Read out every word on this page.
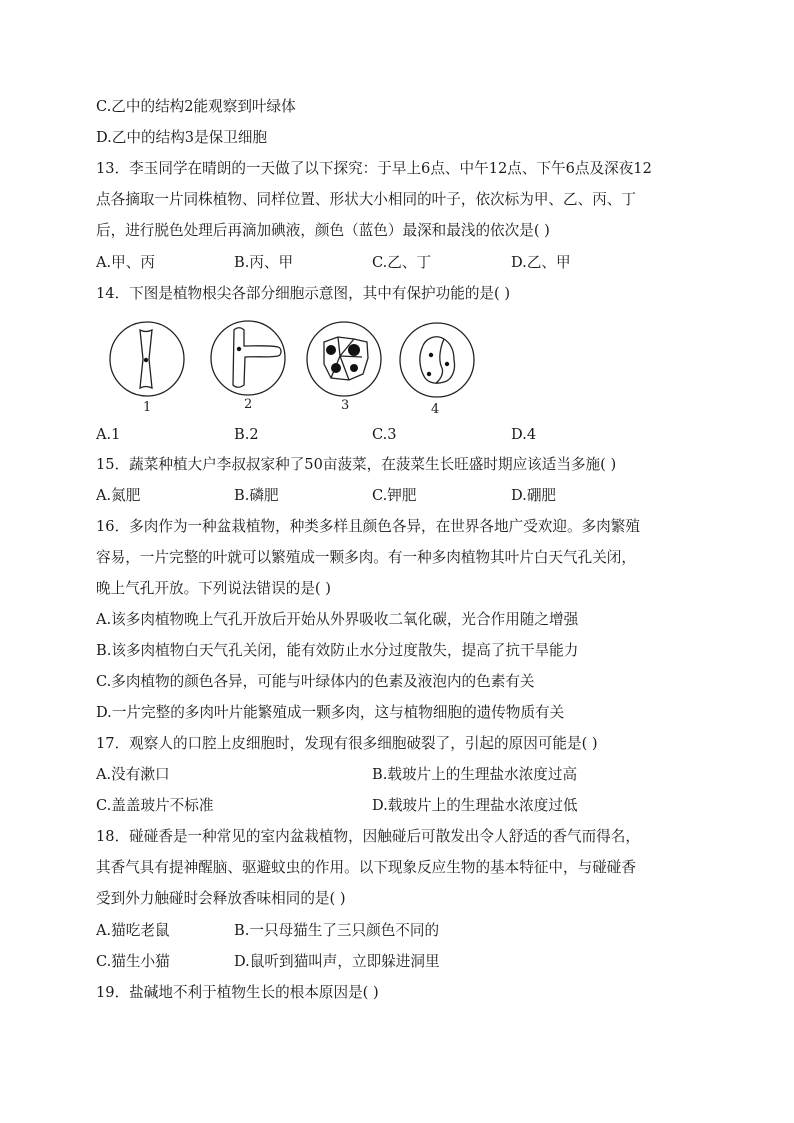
C.乙中的结构2能观察到叶绿体
D.乙中的结构3是保卫细胞
13．李玉同学在晴朗的一天做了以下探究：于早上6点、中午12点、下午6点及深夜12
点各摘取一片同株植物、同样位置、形状大小相同的叶子，依次标为甲、乙、丙、丁
后，进行脱色处理后再滴加碘液，颜色（蓝色）最深和最浅的依次是( )
A.甲、丙	B.丙、甲	C.乙、丁	D.乙、甲
14．下图是植物根尖各部分细胞示意图，其中有保护功能的是( )
1	2	3	4
A.1	B.2	C.3	D.4
15．蔬菜种植大户李叔叔家种了50亩菠菜，在菠菜生长旺盛时期应该适当多施( )
A.氮肥	B.磷肥	C.钾肥	D.硼肥
16．多肉作为一种盆栽植物，种类多样且颜色各异，在世界各地广受欢迎。多肉繁殖
容易，一片完整的叶就可以繁殖成一颗多肉。有一种多肉植物其叶片白天气孔关闭，
晚上气孔开放。下列说法错误的是( )
A.该多肉植物晚上气孔开放后开始从外界吸收二氧化碳，光合作用随之增强
B.该多肉植物白天气孔关闭，能有效防止水分过度散失，提高了抗干旱能力
C.多肉植物的颜色各异，可能与叶绿体内的色素及液泡内的色素有关
D.一片完整的多肉叶片能繁殖成一颗多肉，这与植物细胞的遗传物质有关
17．观察人的口腔上皮细胞时，发现有很多细胞破裂了，引起的原因可能是( )
A.没有漱口	B.载玻片上的生理盐水浓度过高
C.盖盖玻片不标准	D.载玻片上的生理盐水浓度过低
18．碰碰香是一种常见的室内盆栽植物，因触碰后可散发出令人舒适的香气而得名，
其香气具有提神醒脑、驱避蚊虫的作用。以下现象反应生物的基本特征中，与碰碰香
受到外力触碰时会释放香味相同的是( )
A.猫吃老鼠	B.一只母猫生了三只颜色不同的
C.猫生小猫	D.鼠听到猫叫声，立即躲进洞里
19．盐碱地不利于植物生长的根本原因是( )
